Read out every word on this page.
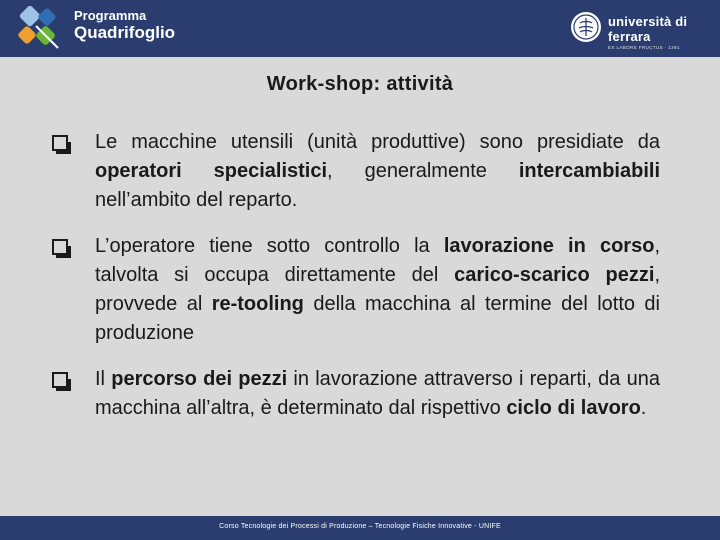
Programma
Quadrifoglio
università di ferrara
EX LABORE FRUCTUS · 1391
Work-shop: attività
Le macchine utensili (unità produttive) sono presidiate da operatori specialistici, generalmente intercambiabili nell’ambito del reparto.
L’operatore tiene sotto controllo la lavorazione in corso, talvolta si occupa direttamente del carico-scarico pezzi, provvede al re-tooling della macchina al termine del lotto di produzione
Il percorso dei pezzi in lavorazione attraverso i reparti, da una macchina all’altra, è determinato dal rispettivo ciclo di lavoro.
Corso Tecnologie dei Processi di Produzione – Tecnologie Fisiche Innovative - UNIFE
